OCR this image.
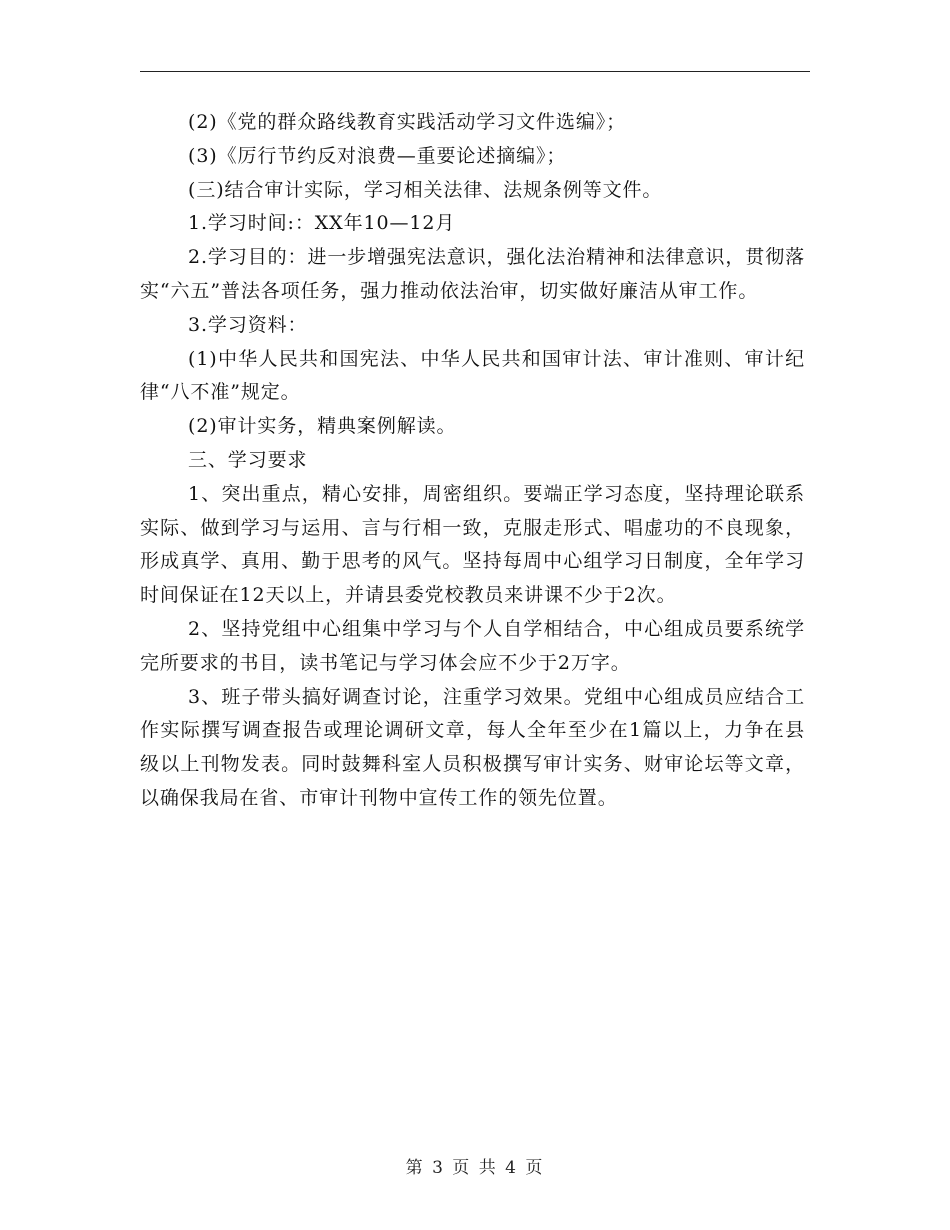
(2)《党的群众路线教育实践活动学习文件选编》；

(3)《厉行节约反对浪费—重要论述摘编》；

(三)结合审计实际，学习相关法律、法规条例等文件。

1.学习时间:：XX年10—12月

2.学习目的：进一步增强宪法意识，强化法治精神和法律意识，贯彻落实“六五”普法各项任务，强力推动依法治审，切实做好廉洁从审工作。

3.学习资料：

(1)中华人民共和国宪法、中华人民共和国审计法、审计准则、审计纪律“八不准”规定。

(2)审计实务，精典案例解读。

三、学习要求

1、突出重点，精心安排，周密组织。要端正学习态度，坚持理论联系实际、做到学习与运用、言与行相一致，克服走形式、唱虚功的不良现象，形成真学、真用、勤于思考的风气。坚持每周中心组学习日制度，全年学习时间保证在12天以上，并请县委党校教员来讲课不少于2次。

2、坚持党组中心组集中学习与个人自学相结合，中心组成员要系统学完所要求的书目，读书笔记与学习体会应不少于2万字。

3、班子带头搞好调查讨论，注重学习效果。党组中心组成员应结合工作实际撰写调查报告或理论调研文章，每人全年至少在1篇以上，力争在县级以上刊物发表。同时鼓舞科室人员积极撰写审计实务、财审论坛等文章，以确保我局在省、市审计刊物中宣传工作的领先位置。

第 3 页 共 4 页
